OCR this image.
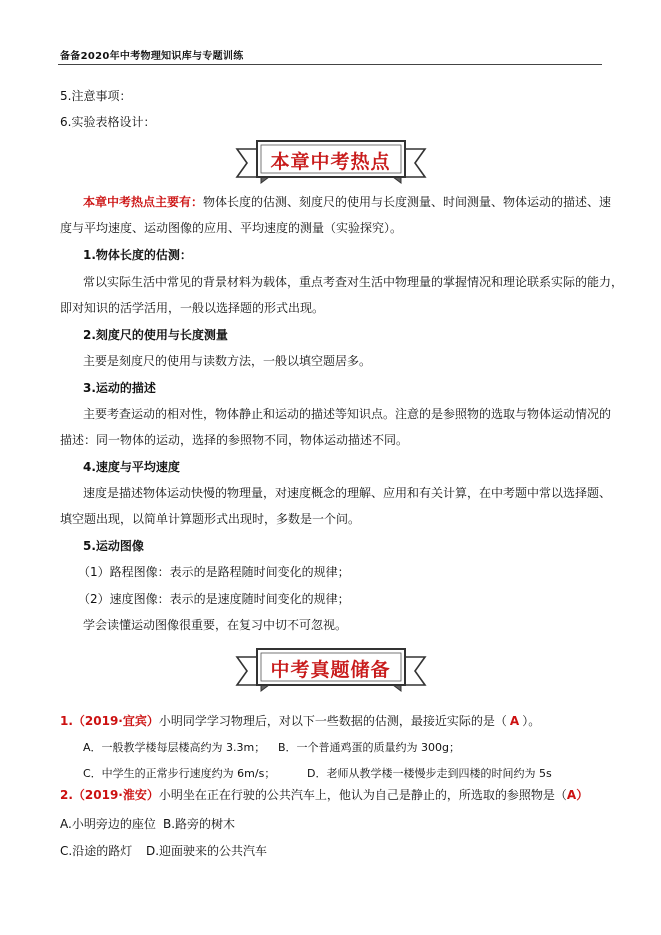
备备2020年中考物理知识库与专题训练
5.注意事项：
6.实验表格设计：
本章中考热点
本章中考热点主要有：物体长度的估测、刻度尺的使用与长度测量、时间测量、物体运动的描述、速
度与平均速度、运动图像的应用、平均速度的测量（实验探究）。
1.物体长度的估测：
常以实际生活中常见的背景材料为载体，重点考查对生活中物理量的掌握情况和理论联系实际的能力，
即对知识的活学活用，一般以选择题的形式出现。
2.刻度尺的使用与长度测量
主要是刻度尺的使用与读数方法，一般以填空题居多。
3.运动的描述
主要考查运动的相对性，物体静止和运动的描述等知识点。注意的是参照物的选取与物体运动情况的
描述：同一物体的运动，选择的参照物不同，物体运动描述不同。
4.速度与平均速度
速度是描述物体运动快慢的物理量，对速度概念的理解、应用和有关计算，在中考题中常以选择题、
填空题出现，以简单计算题形式出现时，多数是一个问。
5.运动图像
（1）路程图像：表示的是路程随时间变化的规律；
（2）速度图像：表示的是速度随时间变化的规律；
学会读懂运动图像很重要，在复习中切不可忽视。
中考真题储备
1.（2019·宜宾）小明同学学习物理后，对以下一些数据的估测，最接近实际的是（ A ）。
A．一般教学楼每层楼高约为 3.3m； B．一个普通鸡蛋的质量约为 300g；
C．中学生的正常步行速度约为 6m/s；	D．老师从教学楼一楼慢步走到四楼的时间约为 5s
2.（2019·淮安）小明坐在正在行驶的公共汽车上，他认为自己是静止的，所选取的参照物是（A）
A.小明旁边的座位 B.路旁的树木
C.沿途的路灯 D.迎面驶来的公共汽车
